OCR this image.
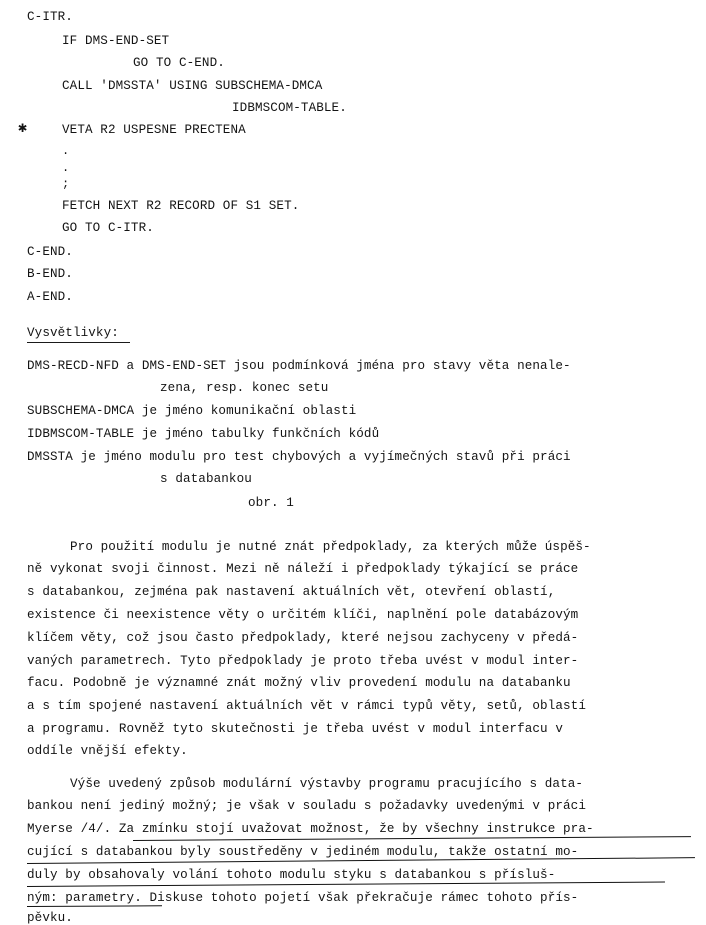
C-ITR.
IF DMS-END-SET
GO TO C-END.
CALL 'DMSSTA' USING SUBSCHEMA-DMCA
IDBMSCOM-TABLE.
✱	VETA R2 USPESNE PRECTENA
.
.
;
FETCH NEXT R2 RECORD OF S1 SET.
GO TO C-ITR.
C-END.
B-END.
A-END.
Vysvětlivky:
DMS-RECD-NFD a DMS-END-SET jsou podmínková jména pro stavy věta nenale-
zena, resp. konec setu
SUBSCHEMA-DMCA je jméno komunikační oblasti
IDBMSCOM-TABLE je jméno tabulky funkčních kódů
DMSSTA je jméno modulu pro test chybových a vyjímečných stavů při práci
s databankou
obr. 1
Pro použití modulu je nutné znát předpoklady, za kterých může úspěš-
ně vykonat svoji činnost. Mezi ně náleží i předpoklady týkající se práce
s databankou, zejména pak nastavení aktuálních vět, otevření oblastí,
existence či neexistence věty o určitém klíči, naplnění pole databázovým
klíčem věty, což jsou často předpoklady, které nejsou zachyceny v předá-
vaných parametrech. Tyto předpoklady je proto třeba uvést v modul inter-
facu. Podobně je významné znát možný vliv provedení modulu na databanku
a s tím spojené nastavení aktuálních vět v rámci typů věty, setů, oblastí
a programu. Rovněž tyto skutečnosti je třeba uvést v modul interfacu v
oddíle vnější efekty.
Výše uvedený způsob modulární výstavby programu pracujícího s data-
bankou není jediný možný; je však v souladu s požadavky uvedenými v práci
Myerse /4/. Za zmínku stojí uvažovat možnost, že by všechny instrukce pra-
cující s databankou byly soustředěny v jediném modulu, takže ostatní mo-
duly by obsahovaly volání tohoto modulu styku s databankou s přísluš-
ným: parametry. Diskuse tohoto pojetí však překračuje rámec tohoto přís-
pěvku.
